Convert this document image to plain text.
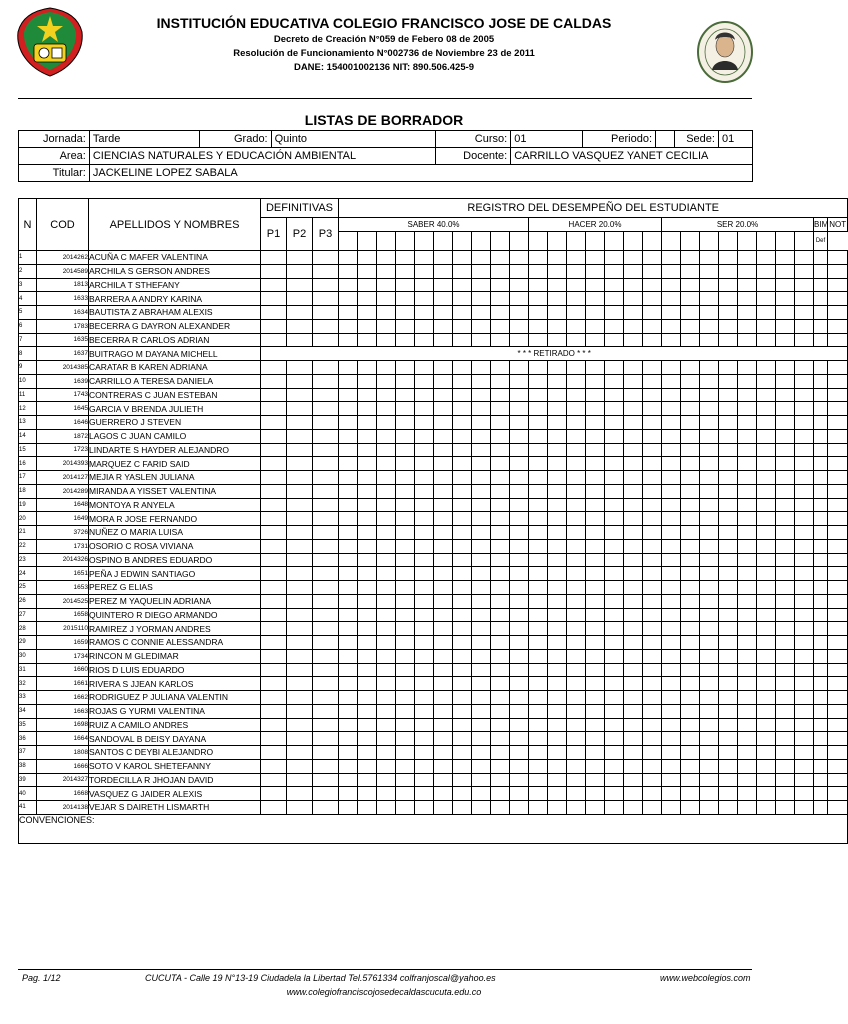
INSTITUCIÓN EDUCATIVA COLEGIO FRANCISCO JOSE DE CALDAS
Decreto de Creación N°059 de Febero 08 de 2005
Resolución de Funcionamiento N°002736 de Noviembre 23 de 2011
DANE: 154001002136 NIT: 890.506.425-9
LISTAS DE BORRADOR
Jornada:	Tarde	Grado:	Quinto	Curso:	01	Periodo:		Sede:	01
Area:	CIENCIAS NATURALES Y EDUCACIÓN AMBIENTAL			Docente:	CARRILLO VASQUEZ YANET CECILIA				
Titular:	JACKELINE LOPEZ SABALA								
N	COD	APELLIDOS Y NOMBRES	DEFINITIVAS			REGISTRO DEL DESEMPEÑO DEL ESTUDIANTE																										
			P1	P2	P3	SABER 40.0%										HACER 20.0%							SER 20.0%								BIM	NOT
																															Def	
1	2014262	ACUÑA C MAFER VALENTINA																														
2	2014589	ARCHILA S GERSON ANDRES																														
3	1813	ARCHILA T STHEFANY																														
4	1633	BARRERA A ANDRY KARINA																														
5	1634	BAUTISTA Z ABRAHAM ALEXIS																														
6	1783	BECERRA G DAYRON ALEXANDER																														
7	1635	BECERRA R CARLOS ADRIAN																														
8	1637	BUITRAGO M DAYANA MICHELL	* * * RETIRADO * * *																													
9	2014385	CARATAR B KAREN ADRIANA																														
10	1639	CARRILLO A TERESA DANIELA																														
11	1743	CONTRERAS C JUAN ESTEBAN																														
12	1645	GARCIA V BRENDA JULIETH																														
13	1646	GUERRERO J STEVEN																														
14	1872	LAGOS C JUAN CAMILO																														
15	1723	LINDARTE S HAYDER ALEJANDRO																														
16	2014393	MARQUEZ C FARID SAID																														
17	2014127	MEJIA R YASLEN JULIANA																														
18	2014289	MIRANDA A YISSET VALENTINA																														
19	1648	MONTOYA R ANYELA																														
20	1649	MORA R JOSE FERNANDO																														
21	3726	NUÑEZ O MARIA LUISA																														
22	1731	OSORIO C ROSA VIVIANA																														
23	2014326	OSPINO B ANDRES EDUARDO																														
24	1651	PEÑA J EDWIN SANTIAGO																														
25	1653	PEREZ G ELIAS																														
26	2014525	PEREZ M YAQUELIN ADRIANA																														
27	1658	QUINTERO R DIEGO ARMANDO																														
28	2015110	RAMIREZ J YORMAN ANDRES																														
29	1659	RAMOS C CONNIE ALESSANDRA																														
30	1734	RINCON M GLEDIMAR																														
31	1660	RIOS D LUIS EDUARDO																														
32	1661	RIVERA S JJEAN KARLOS																														
33	1662	RODRIGUEZ P JULIANA VALENTIN																														
34	1663	ROJAS G YURMI VALENTINA																														
35	1698	RUIZ A CAMILO ANDRES																														
36	1664	SANDOVAL B DEISY DAYANA																														
37	1808	SANTOS C DEYBI ALEJANDRO																														
38	1666	SOTO V KAROL SHETEFANNY																														
39	2014327	TORDECILLA R JHOJAN DAVID																														
40	1668	VASQUEZ G JAIDER ALEXIS																														
41	2014138	VEJAR S DAIRETH LISMARTH																														
CONVENCIONES:																																
Pag. 1/12	CUCUTA - Calle 19 N°13-19 Ciudadela la Libertad Tel.5761334 colfranjoscal@yahoo.es	www.webcolegios.com
www.colegiofranciscojosedecaldascucuta.edu.co
